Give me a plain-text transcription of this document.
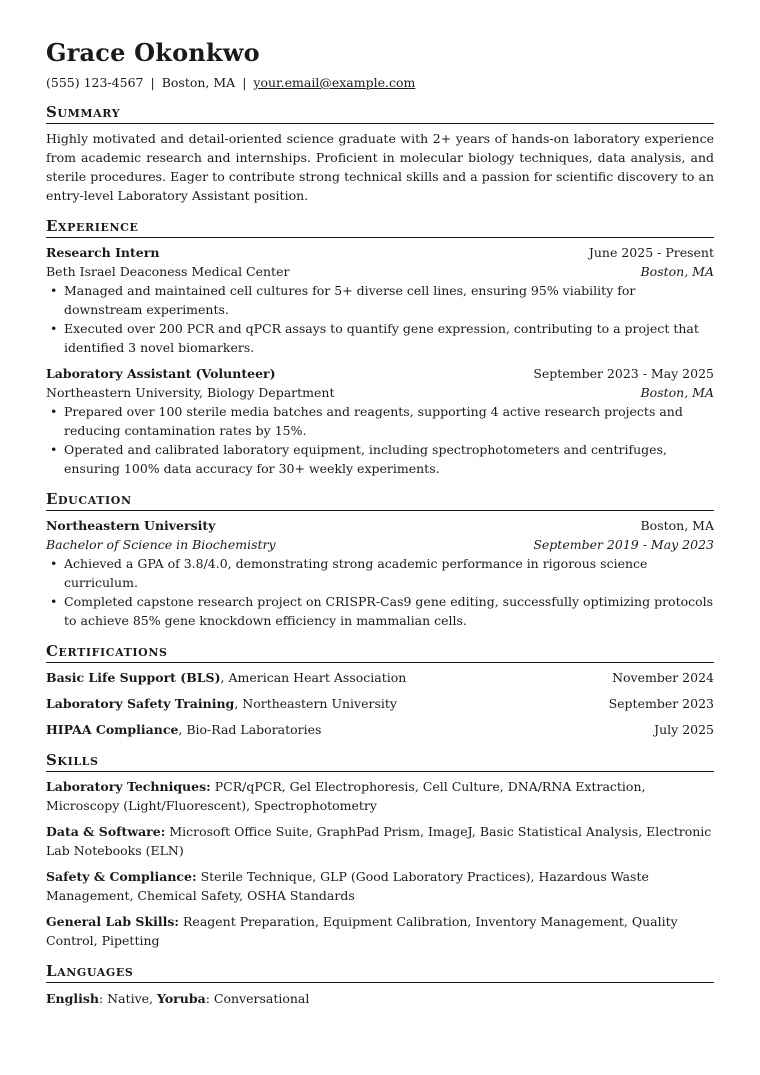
Grace Okonkwo
(555) 123-4567 | Boston, MA | your.email@example.com
Summary
Highly motivated and detail-oriented science graduate with 2+ years of hands-on laboratory experience from academic research and internships. Proficient in molecular biology techniques, data analysis, and sterile procedures. Eager to contribute strong technical skills and a passion for scientific discovery to an entry-level Laboratory Assistant position.
Experience
Research Intern	June 2025 - Present
Beth Israel Deaconess Medical Center	Boston, MA
• Managed and maintained cell cultures for 5+ diverse cell lines, ensuring 95% viability for downstream experiments.
• Executed over 200 PCR and qPCR assays to quantify gene expression, contributing to a project that identified 3 novel biomarkers.
Laboratory Assistant (Volunteer)	September 2023 - May 2025
Northeastern University, Biology Department	Boston, MA
• Prepared over 100 sterile media batches and reagents, supporting 4 active research projects and reducing contamination rates by 15%.
• Operated and calibrated laboratory equipment, including spectrophotometers and centrifuges, ensuring 100% data accuracy for 30+ weekly experiments.
Education
Northeastern University	Boston, MA
Bachelor of Science in Biochemistry	September 2019 - May 2023
• Achieved a GPA of 3.8/4.0, demonstrating strong academic performance in rigorous science curriculum.
• Completed capstone research project on CRISPR-Cas9 gene editing, successfully optimizing protocols to achieve 85% gene knockdown efficiency in mammalian cells.
Certifications
Basic Life Support (BLS), American Heart Association	November 2024
Laboratory Safety Training, Northeastern University	September 2023
HIPAA Compliance, Bio-Rad Laboratories	July 2025
Skills
Laboratory Techniques: PCR/qPCR, Gel Electrophoresis, Cell Culture, DNA/RNA Extraction, Microscopy (Light/Fluorescent), Spectrophotometry
Data & Software: Microsoft Office Suite, GraphPad Prism, ImageJ, Basic Statistical Analysis, Electronic Lab Notebooks (ELN)
Safety & Compliance: Sterile Technique, GLP (Good Laboratory Practices), Hazardous Waste Management, Chemical Safety, OSHA Standards
General Lab Skills: Reagent Preparation, Equipment Calibration, Inventory Management, Quality Control, Pipetting
Languages
English: Native, Yoruba: Conversational
